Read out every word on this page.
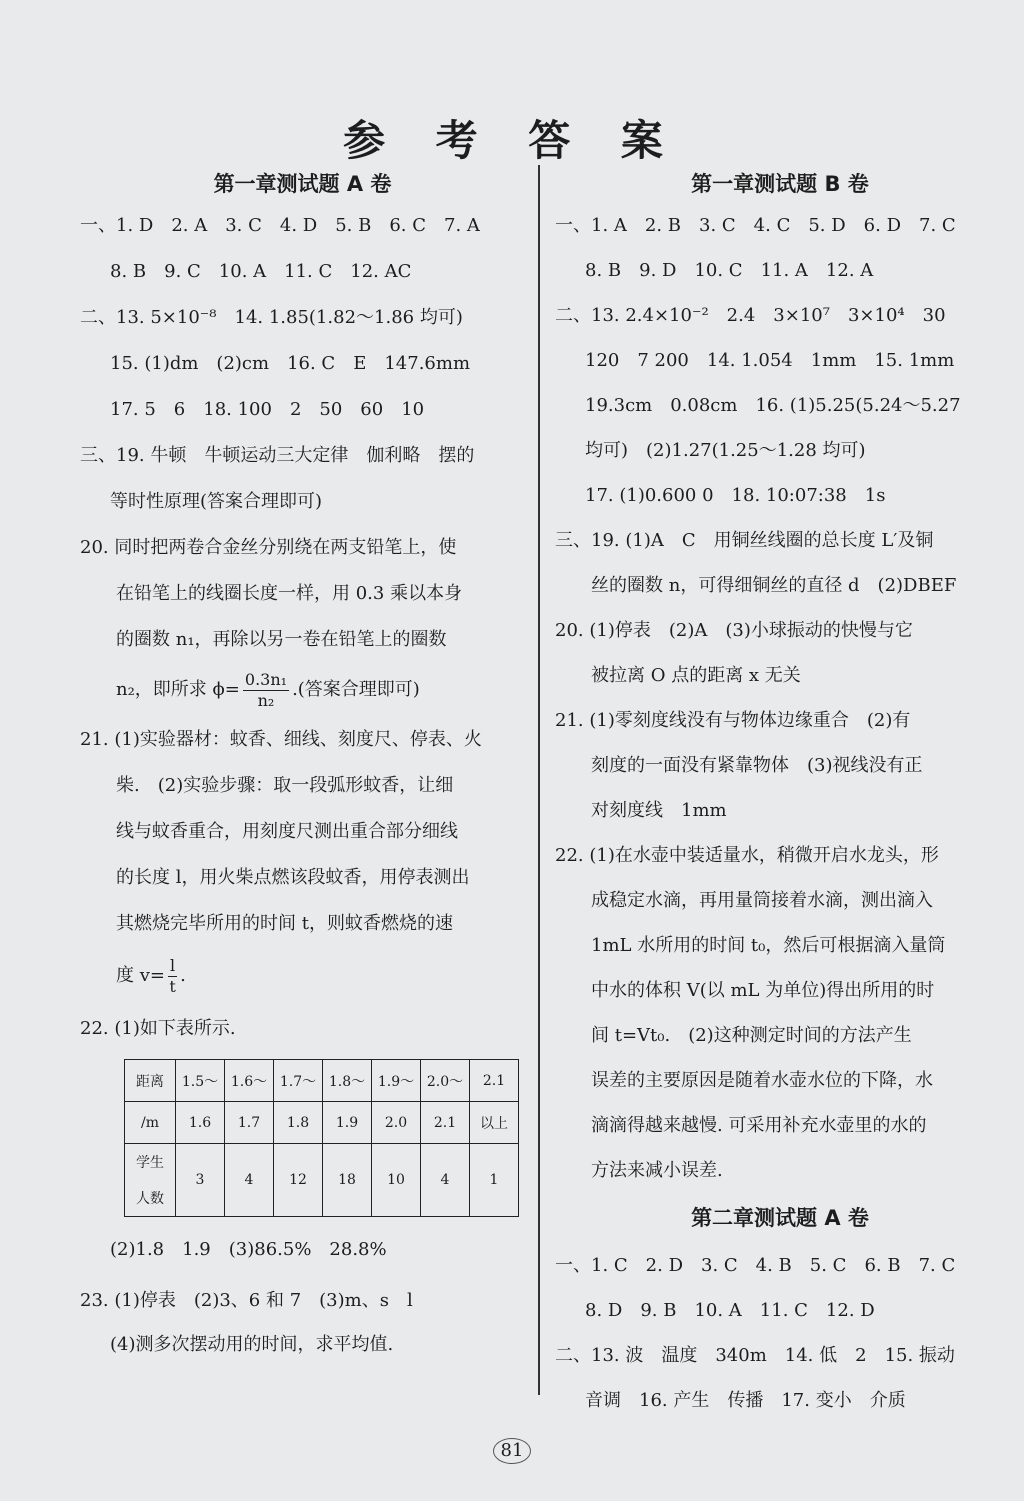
参 考 答 案

第一章测试题 A 卷

一、1. D　2. A　3. C　4. D　5. B　6. C　7. A

8. B　9. C　10. A　11. C　12. AC

二、13. 5×10⁻⁸　14. 1.85(1.82～1.86 均可)

15. (1)dm　(2)cm　16. C　E　147.6mm

17. 5　6　18. 100　2　50　60　10

三、19. 牛顿　牛顿运动三大定律　伽利略　摆的

等时性原理(答案合理即可)

20. 同时把两卷合金丝分别绕在两支铅笔上，使

在铅笔上的线圈长度一样，用 0.3 乘以本身

的圈数 n₁，再除以另一卷在铅笔上的圈数

n₂，即所求 $\phi= \frac{\text{0.3n₁}}{\text{n₂}}$ .(答案合理即可)

21. (1)实验器材：蚊香、细线、刻度尺、停表、火

柴.　(2)实验步骤：取一段弧形蚊香，让细

线与蚊香重合，用刻度尺测出重合部分细线

的长度 l，用火柴点燃该段蚊香，用停表测出

其燃烧完毕所用的时间 t，则蚊香燃烧的速

度 $v= \frac{l}{t}$ .

22. (1)如下表所示.

距离	1.5～	1.6～	1.7～	1.8～	1.9～	2.0～	2.1
/m	1.6	1.7	1.8	1.9	2.0	2.1	以上
学生	3	4	12	18	10	4	1
人数							

(2)1.8　1.9　(3)86.5%　28.8%

23. (1)停表　(2)3、6 和 7　(3)m、s　l

(4)测多次摆动用的时间，求平均值.

第一章测试题 B 卷

一、1. A　2. B　3. C　4. C　5. D　6. D　7. C

8. B　9. D　10. C　11. A　12. A

二、13. 2.4×10⁻²　2.4　3×10⁷　3×10⁴　30

120　7 200　14. 1.054　1mm　15. 1mm

19.3cm　0.08cm　16. (1)5.25(5.24～5.27

均可)　(2)1.27(1.25～1.28 均可)

17. (1)0.600 0　18. 10:07:38　1s

三、19. (1)A　C　用铜丝线圈的总长度 L′及铜

丝的圈数 n，可得细铜丝的直径 d　(2)DBEF

20. (1)停表　(2)A　(3)小球振动的快慢与它

被拉离 O 点的距离 x 无关

21. (1)零刻度线没有与物体边缘重合　(2)有

刻度的一面没有紧靠物体　(3)视线没有正

对刻度线　1mm

22. (1)在水壶中装适量水，稍微开启水龙头，形

成稳定水滴，再用量筒接着水滴，测出滴入

1mL 水所用的时间 t₀，然后可根据滴入量筒

中水的体积 V(以 mL 为单位)得出所用的时

间 t=Vt₀.　(2)这种测定时间的方法产生

误差的主要原因是随着水壶水位的下降，水

滴滴得越来越慢. 可采用补充水壶里的水的

方法来减小误差.

第二章测试题 A 卷

一、1. C　2. D　3. C　4. B　5. C　6. B　7. C

8. D　9. B　10. A　11. C　12. D

二、13. 波　温度　340m　14. 低　2　15. 振动

音调　16. 产生　传播　17. 变小　介质

81
